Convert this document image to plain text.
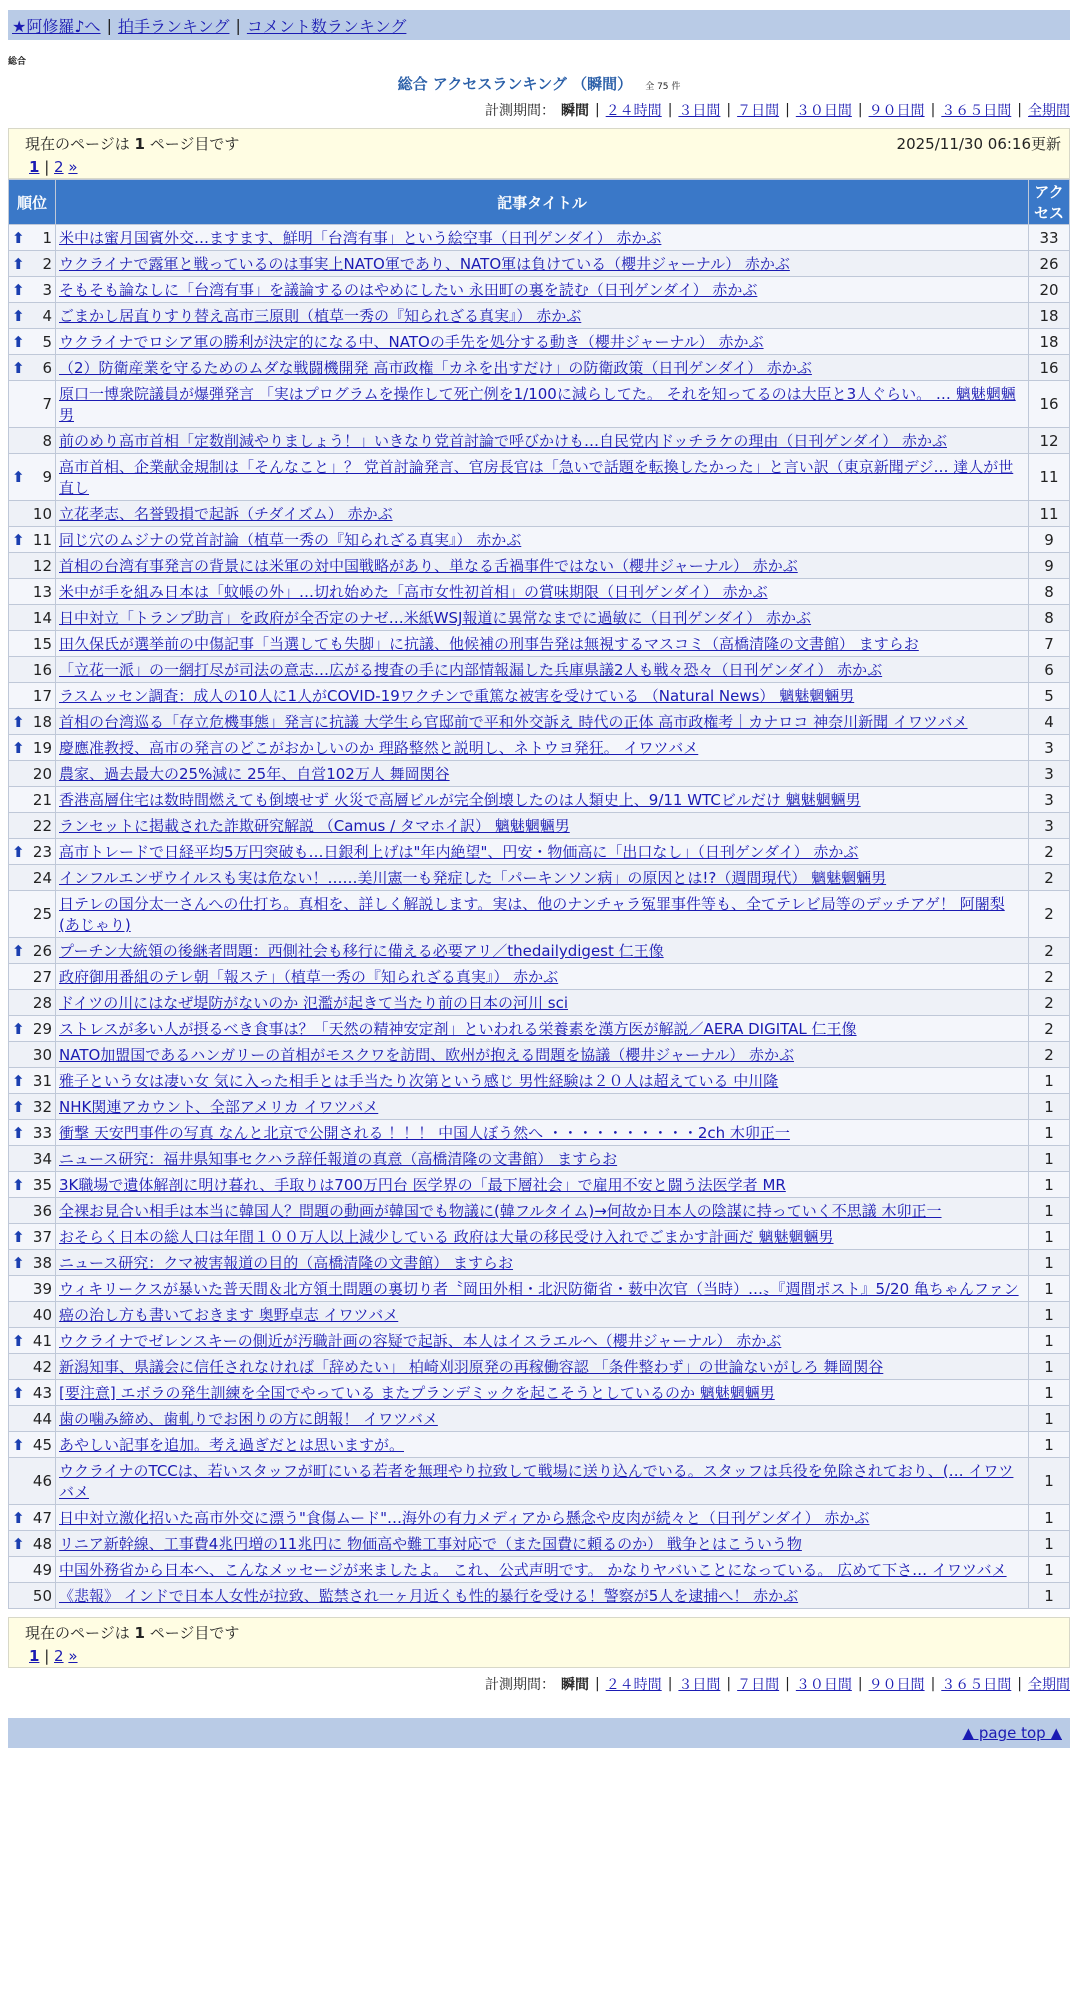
★阿修羅♪へ | 拍手ランキング | コメント数ランキング
総合
総合 アクセスランキング （瞬間） 全 75 件
計測期間： 瞬間 | ２４時間 | ３日間 | ７日間 | ３０日間 | ９０日間 | ３６５日間 | 全期間
現在のページは 1 ページ目です	2025/11/30 06:16更新
1 | 2 »
順位	記事タイトル	アクセス

⬆ 1	米中は蜜月国賓外交…ますます、鮮明「台湾有事」という絵空事（日刊ゲンダイ） 赤かぶ	33

⬆ 2	ウクライナで露軍と戦っているのは事実上NATO軍であり、NATO軍は負けている（櫻井ジャーナル） 赤かぶ	26

⬆ 3	そもそも論なしに「台湾有事」を議論するのはやめにしたい 永田町の裏を読む（日刊ゲンダイ） 赤かぶ	20

⬆ 4	ごまかし居直りすり替え高市三原則（植草一秀の『知られざる真実』） 赤かぶ	18

⬆ 5	ウクライナでロシア軍の勝利が決定的になる中、NATOの手先を処分する動き（櫻井ジャーナル） 赤かぶ	18

⬆ 6	（2）防衛産業を守るためのムダな戦闘機開発 高市政権「カネを出すだけ」の防衛政策（日刊ゲンダイ） 赤かぶ	16
7	原口一博衆院議員が爆弾発言 「実はプログラムを操作して死亡例を1/100に減らしてた。 それを知ってるのは大臣と3人ぐらい。 … 魑魅魍魎男	16
8	前のめり高市首相「定数削減やりましょう！」いきなり党首討論で呼びかけも…自民党内ドッチラケの理由（日刊ゲンダイ） 赤かぶ	12

⬆ 9	高市首相、企業献金規制は「そんなこと」？ 党首討論発言、官房長官は「急いで話題を転換したかった」と言い訳（東京新聞デジ… 達人が世直し	11
10	立花孝志、名誉毀損で起訴（チダイズム） 赤かぶ	11

⬆ 11	同じ穴のムジナの党首討論（植草一秀の『知られざる真実』） 赤かぶ	9
12	首相の台湾有事発言の背景には米軍の対中国戦略があり、単なる舌禍事件ではない（櫻井ジャーナル） 赤かぶ	9
13	米中が手を組み日本は「蚊帳の外」…切れ始めた「高市女性初首相」の賞味期限（日刊ゲンダイ） 赤かぶ	8
14	日中対立「トランプ助言」を政府が全否定のナゼ…米紙WSJ報道に異常なまでに過敏に（日刊ゲンダイ） 赤かぶ	8
15	田久保氏が選挙前の中傷記事「当選しても失脚」に抗議、他候補の刑事告発は無視するマスコミ（高橋清隆の文書館） ますらお	7
16	「立花一派」の一網打尽が司法の意志…広がる捜査の手に内部情報漏した兵庫県議2人も戦々恐々（日刊ゲンダイ） 赤かぶ	6
17	ラスムッセン調査：成人の10人に1人がCOVID-19ワクチンで重篤な被害を受けている （Natural News） 魑魅魍魎男	5

⬆ 18	首相の台湾巡る「存立危機事態」発言に抗議 大学生ら官邸前で平和外交訴え 時代の正体 高市政権考｜カナロコ 神奈川新聞 イワツバメ	4

⬆ 19	慶應准教授、高市の発言のどこがおかしいのか 理路整然と説明し、ネトウヨ発狂。 イワツバメ	3
20	農家、過去最大の25%減に 25年、自営102万人 舞岡関谷	3
21	香港高層住宅は数時間燃えても倒壊せず 火災で高層ビルが完全倒壊したのは人類史上、9/11 WTCビルだけ 魑魅魍魎男	3
22	ランセットに掲載された詐欺研究解説 （Camus / タマホイ訳） 魑魅魍魎男	3

⬆ 23	高市トレードで日経平均5万円突破も…日銀利上げは"年内絶望"、円安・物価高に「出口なし」（日刊ゲンダイ） 赤かぶ	2
24	インフルエンザウイルスも実は危ない！……美川憲一も発症した「パーキンソン病」の原因とは!?（週間現代） 魑魅魍魎男	2
25	日テレの国分太一さんへの仕打ち。真相を、詳しく解説します。実は、他のナンチャラ冤罪事件等も、全てテレビ局等のデッチアゲ！ 阿闍梨(あじゃり)	2

⬆ 26	プーチン大統領の後継者問題：西側社会も移行に備える必要アリ／thedailydigest 仁王像	2
27	政府御用番組のテレ朝「報ステ」（植草一秀の『知られざる真実』） 赤かぶ	2
28	ドイツの川にはなぜ堤防がないのか 氾濫が起きて当たり前の日本の河川 sci	2

⬆ 29	ストレスが多い人が摂るべき食事は？「天然の精神安定剤」といわれる栄養素を漢方医が解説／AERA DIGITAL 仁王像	2
30	NATO加盟国であるハンガリーの首相がモスクワを訪問、欧州が抱える問題を協議（櫻井ジャーナル） 赤かぶ	2

⬆ 31	雅子という女は凄い女 気に入った相手とは手当たり次第という感じ 男性経験は２０人は超えている 中川隆	1

⬆ 32	NHK関連アカウント、全部アメリカ イワツバメ	1

⬆ 33	衝撃 天安門事件の写真 なんと北京で公開される ！！！ 中国人ぼう然へ ・・・・・・・・・・2ch 木卯正一	1
34	ニュース研究：福井県知事セクハラ辞任報道の真意（高橋清隆の文書館） ますらお	1

⬆ 35	3K職場で遺体解剖に明け暮れ、手取りは700万円台 医学界の「最下層社会」で雇用不安と闘う法医学者 MR	1
36	全裸お見合い相手は本当に韓国人？問題の動画が韓国でも物議に(韓フルタイム)→何故か日本人の陰謀に持っていく不思議 木卯正一	1

⬆ 37	おそらく日本の総人口は年間１００万人以上減少している 政府は大量の移民受け入れでごまかす計画だ 魑魅魍魎男	1

⬆ 38	ニュース研究：クマ被害報道の目的（高橋清隆の文書館） ますらお	1
39	ウィキリークスが暴いた普天間＆北方領土問題の裏切り者〝岡田外相・北沢防衛省・薮中次官（当時）…〟『週間ポスト』5/20 亀ちゃんファン	1
40	癌の治し方も書いておきます 奥野卓志 イワツバメ	1

⬆ 41	ウクライナでゼレンスキーの側近が汚職計画の容疑で起訴、本人はイスラエルへ（櫻井ジャーナル） 赤かぶ	1
42	新潟知事、県議会に信任されなければ「辞めたい」 柏崎刈羽原発の再稼働容認 「条件整わず」の世論ないがしろ 舞岡関谷	1

⬆ 43	[要注意] エボラの発生訓練を全国でやっている またプランデミックを起こそうとしているのか 魑魅魍魎男	1
44	歯の噛み締め、歯軋りでお困りの方に朗報！ イワツバメ	1

⬆ 45	あやしい記事を追加。考え過ぎだとは思いますが。	1
46	ウクライナのTCCは、若いスタッフが町にいる若者を無理やり拉致して戦場に送り込んでいる。スタッフは兵役を免除されており、(… イワツバメ	1

⬆ 47	日中対立激化招いた高市外交に漂う"食傷ムード"…海外の有力メディアから懸念や皮肉が続々と（日刊ゲンダイ） 赤かぶ	1

⬆ 48	リニア新幹線、工事費4兆円増の11兆円に 物価高や難工事対応で（また国費に頼るのか） 戦争とはこういう物	1
49	中国外務省から日本へ、こんなメッセージが来ましたよ。 これ、公式声明です。 かなりヤバいことになっている。 広めて下さ… イワツバメ	1
50	《悲報》 インドで日本人女性が拉致、監禁され一ヶ月近くも性的暴行を受ける！警察が5人を逮捕へ！ 赤かぶ	1
現在のページは 1 ページ目です
1 | 2 »
計測期間： 瞬間 | ２４時間 | ３日間 | ７日間 | ３０日間 | ９０日間 | ３６５日間 | 全期間
▲ page top ▲
